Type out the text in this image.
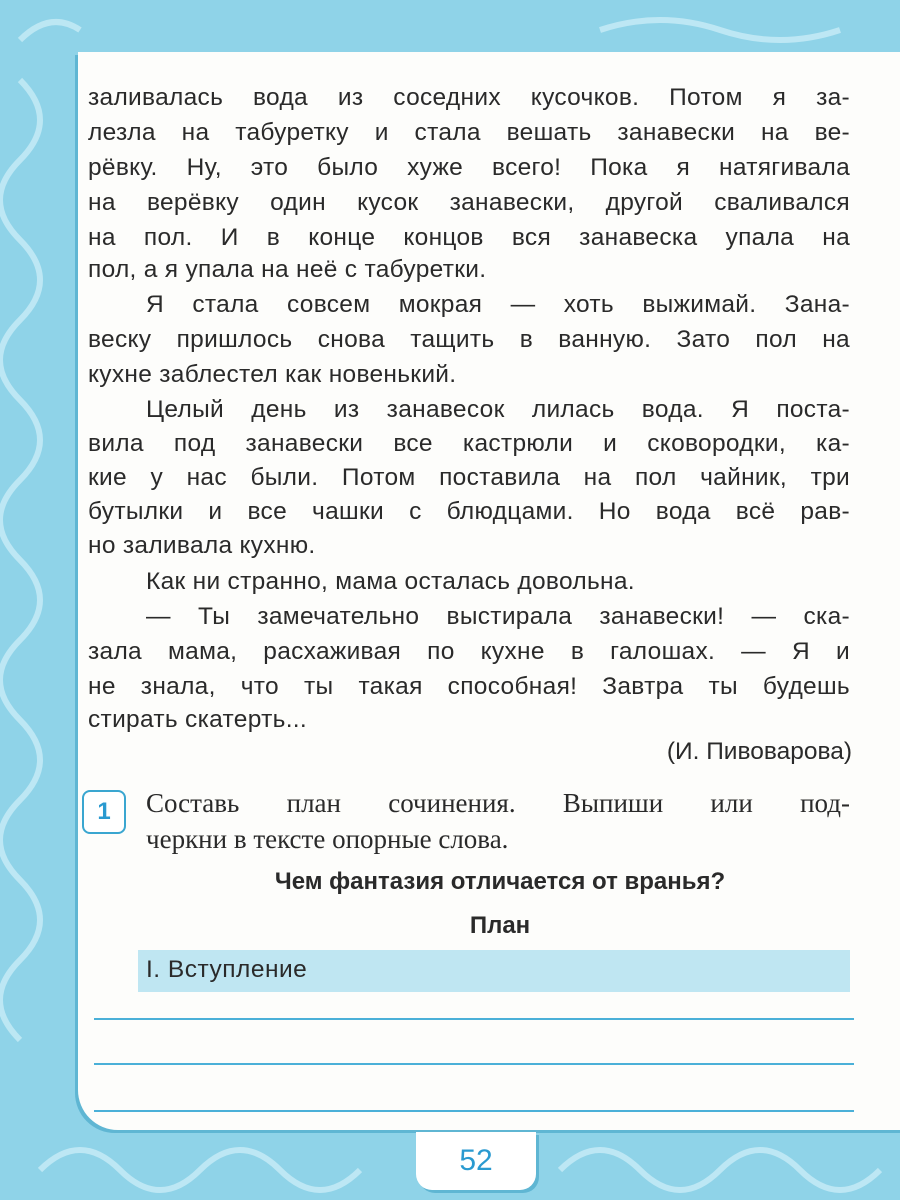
заливалась вода из соседних кусочков. Потом я за-
лезла на табуретку и стала вешать занавески на ве-
рёвку. Ну, это было хуже всего! Пока я натягивала
на верёвку один кусок занавески, другой сваливался
на пол. И в конце концов вся занавеска упала на
пол, а я упала на неё с табуретки.
Я стала совсем мокрая — хоть выжимай. Зана-
веску пришлось снова тащить в ванную. Зато пол на
кухне заблестел как новенький.
Целый день из занавесок лилась вода. Я поста-
вила под занавески все кастрюли и сковородки, ка-
кие у нас были. Потом поставила на пол чайник, три
бутылки и все чашки с блюдцами. Но вода всё рав-
но заливала кухню.
Как ни странно, мама осталась довольна.
— Ты замечательно выстирала занавески! — ска-
зала мама, расхаживая по кухне в галошах. — Я и
не знала, что ты такая способная! Завтра ты будешь
стирать скатерть...
(И. Пивоварова)
1	Составь план сочинения. Выпиши или под-
черкни в тексте опорные слова.
Чем фантазия отличается от вранья?
План
I. Вступление
52
